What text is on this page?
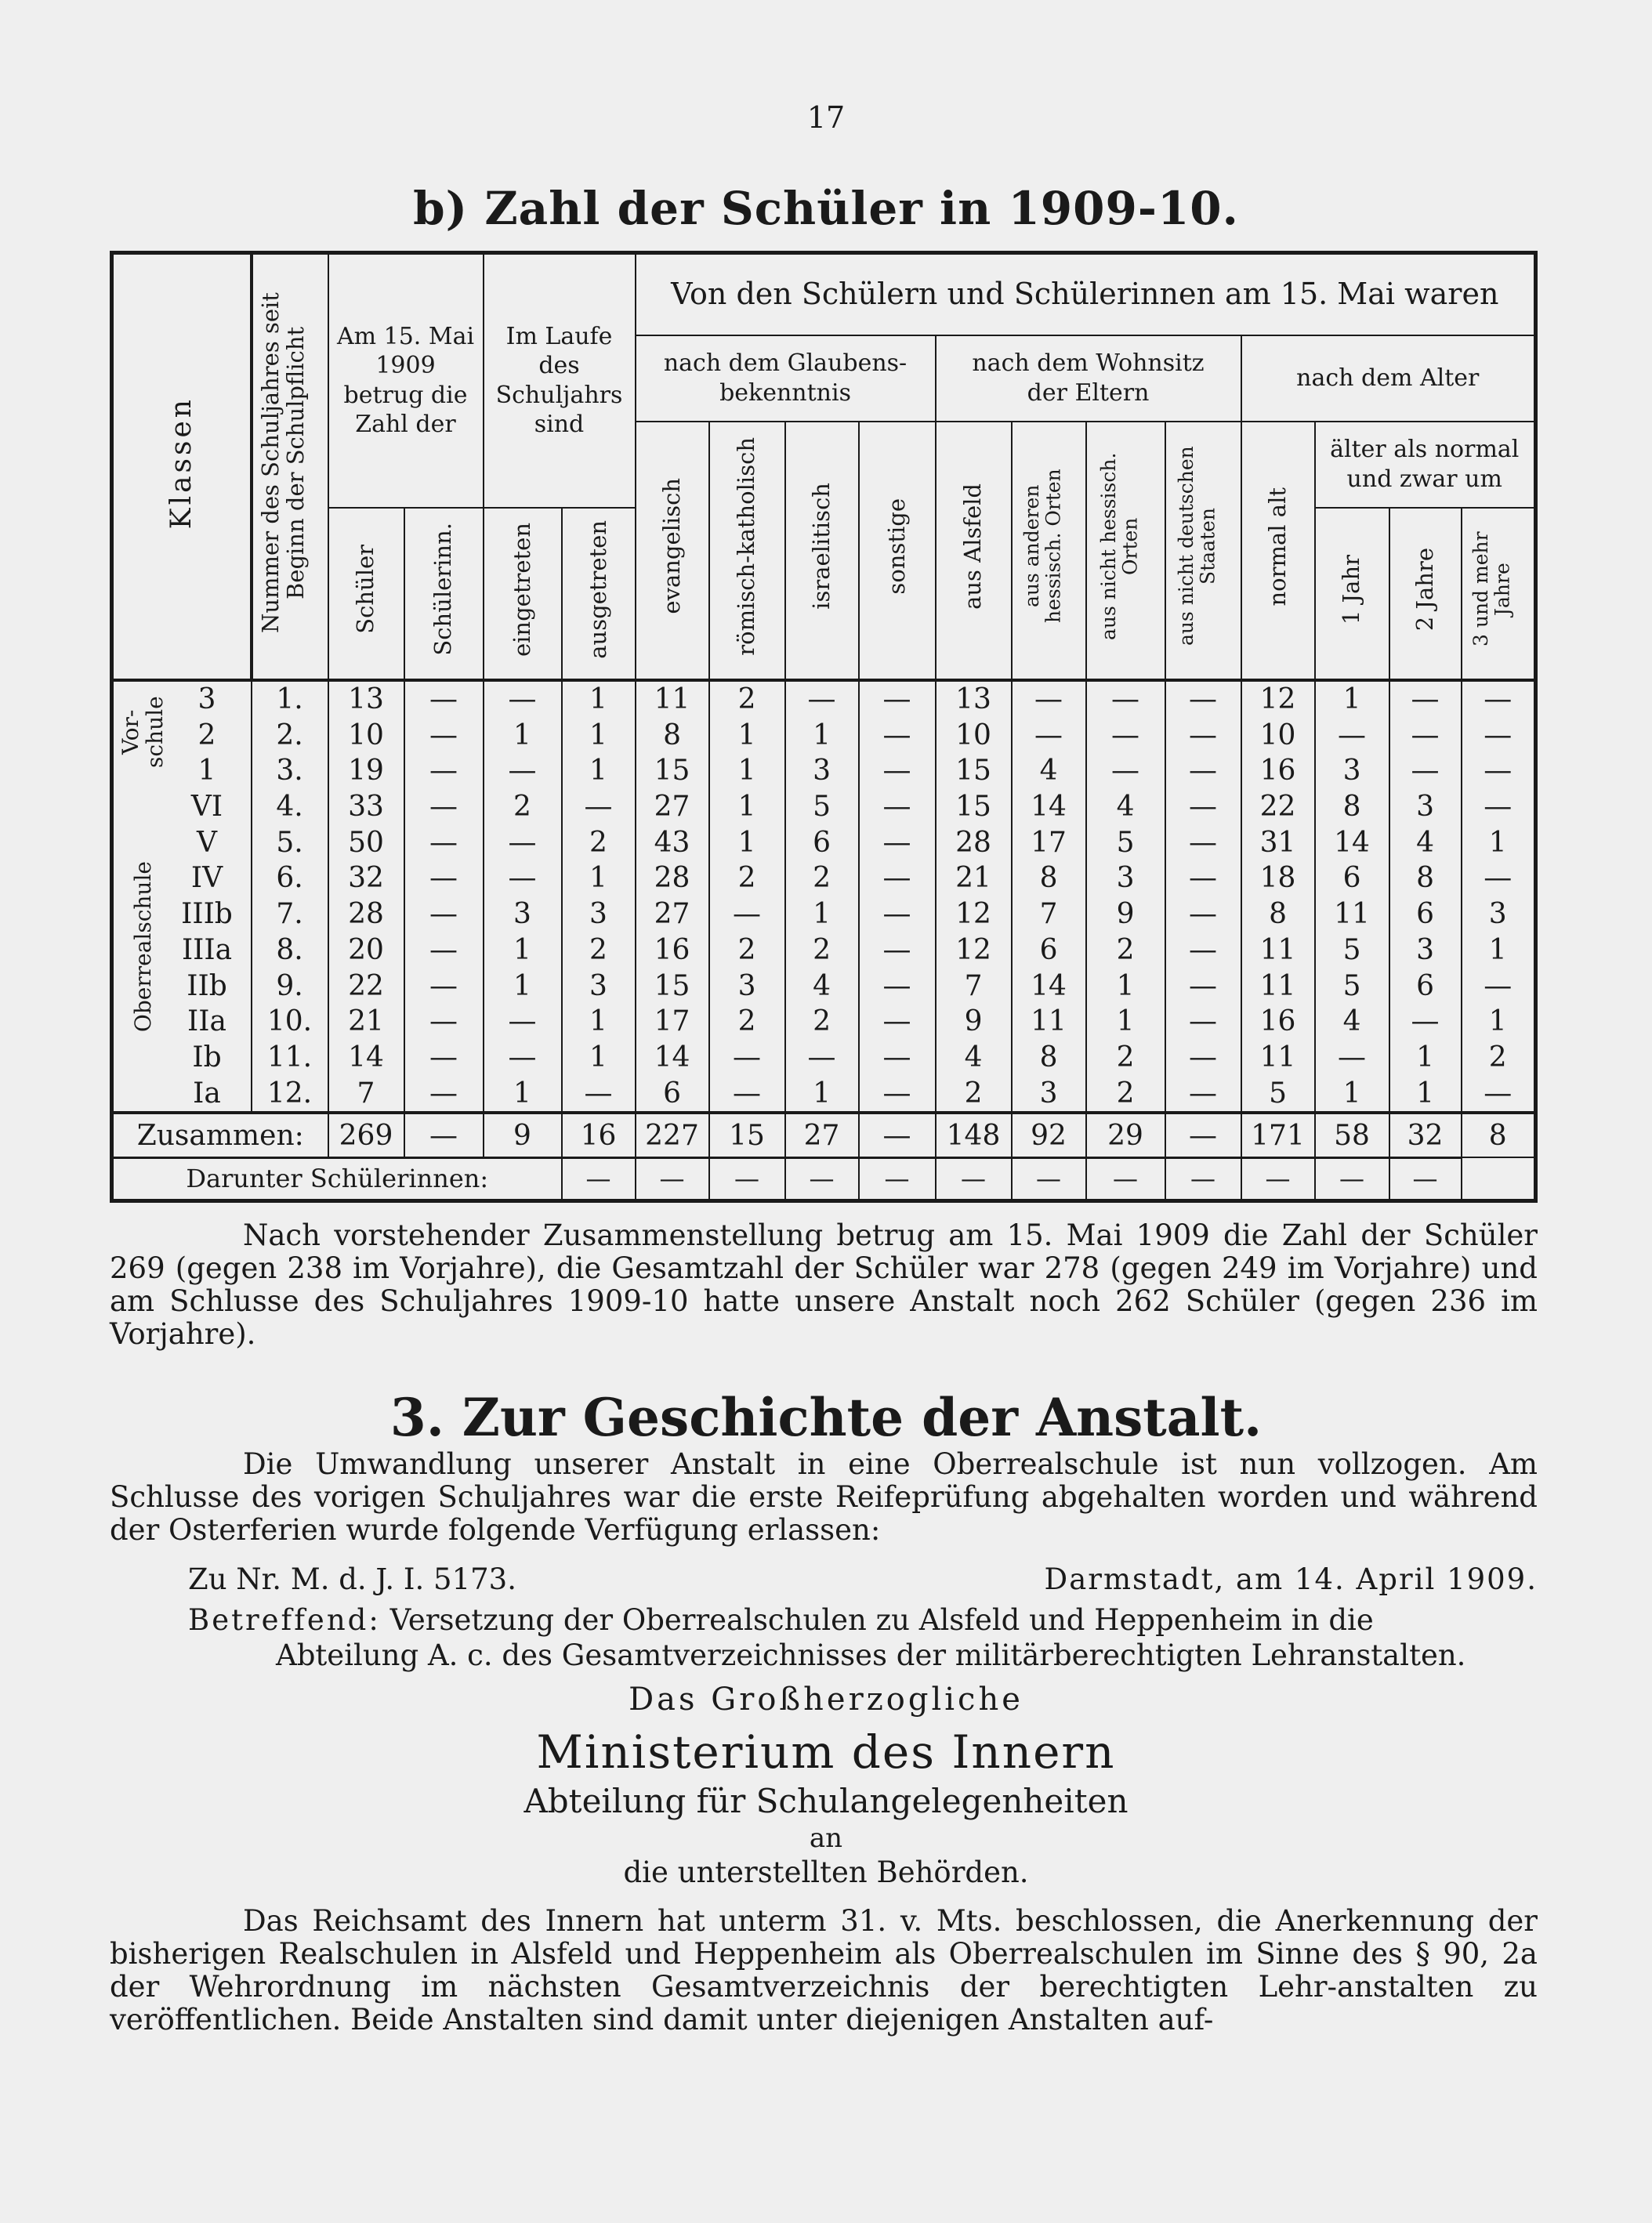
17
b) Zahl der Schüler in 1909-10.
Klassen		Nummer des Schuljahres seit Beginn der Schulpflicht	Am 15. Mai 1909 betrug die Zahl der		Im Laufe des Schuljahrs sind		Von den Schülern und Schülerinnen am 15. Mai waren											
							nach dem Glaubens-bekenntnis				nach dem Wohnsitz der Eltern				nach dem Alter			
							evangelisch	römisch-katholisch	israelitisch	sonstige	aus Alsfeld	aus anderen hessisch. Orten	aus nicht hessisch. Orten	aus nicht deutschen Staaten	normal alt	älter als normal und zwar um		
			Schüler	Schülerinn.	eingetreten	ausgetreten										1 Jahr	2 Jahre	3 und mehr Jahre

Vor-schule	3	1.	13	—	—	1	11	2	—	—	13	—	—	—	12	1	—	—
	2	2.	10	—	1	1	8	1	1	—	10	—	—	—	10	—	—	—
	1	3.	19	—	—	1	15	1	3	—	15	4	—	—	16	3	—	—
Oberrealschule	VI	4.	33	—	2	—	27	1	5	—	15	14	4	—	22	8	3	—
	V	5.	50	—	—	2	43	1	6	—	28	17	5	—	31	14	4	1
	IV	6.	32	—	—	1	28	2	2	—	21	8	3	—	18	6	8	—
	IIIb	7.	28	—	3	3	27	—	1	—	12	7	9	—	8	11	6	3
	IIIa	8.	20	—	1	2	16	2	2	—	12	6	2	—	11	5	3	1
	IIb	9.	22	—	1	3	15	3	4	—	7	14	1	—	11	5	6	—
	IIa	10.	21	—	—	1	17	2	2	—	9	11	1	—	16	4	—	1
	Ib	11.	14	—	—	1	14	—	—	—	4	8	2	—	11	—	1	2
	Ia	12.	7	—	1	—	6	—	1	—	2	3	2	—	5	1	1	—
Zusammen:			269	—	9	16	227	15	27	—	148	92	29	—	171	58	32	8
Darunter Schülerinnen:						—	—	—	—	—	—	—	—	—	—	—	—	
Nach vorstehender Zusammenstellung betrug am 15. Mai 1909 die Zahl der Schüler 269 (gegen 238 im Vorjahre), die Gesamtzahl der Schüler war 278 (gegen 249 im Vorjahre) und am Schlusse des Schuljahres 1909-10 hatte unsere Anstalt noch 262 Schüler (gegen 236 im Vorjahre).
3. Zur Geschichte der Anstalt.
Die Umwandlung unserer Anstalt in eine Oberrealschule ist nun vollzogen. Am Schlusse des vorigen Schuljahres war die erste Reifeprüfung abgehalten worden und während der Osterferien wurde folgende Verfügung erlassen:
Zu Nr. M. d. J. I. 5173.	Darmstadt, am 14. April 1909.
Betreffend: Versetzung der Oberrealschulen zu Alsfeld und Heppenheim in die
Abteilung A. c. des Gesamtverzeichnisses der militärberechtigten Lehranstalten.
Das Großherzogliche
Ministerium des Innern
Abteilung für Schulangelegenheiten
an
die unterstellten Behörden.
Das Reichsamt des Innern hat unterm 31. v. Mts. beschlossen, die Anerkennung der bisherigen Realschulen in Alsfeld und Heppenheim als Oberrealschulen im Sinne des § 90, 2a der Wehrordnung im nächsten Gesamtverzeichnis der berechtigten Lehr-anstalten zu veröffentlichen. Beide Anstalten sind damit unter diejenigen Anstalten auf-
